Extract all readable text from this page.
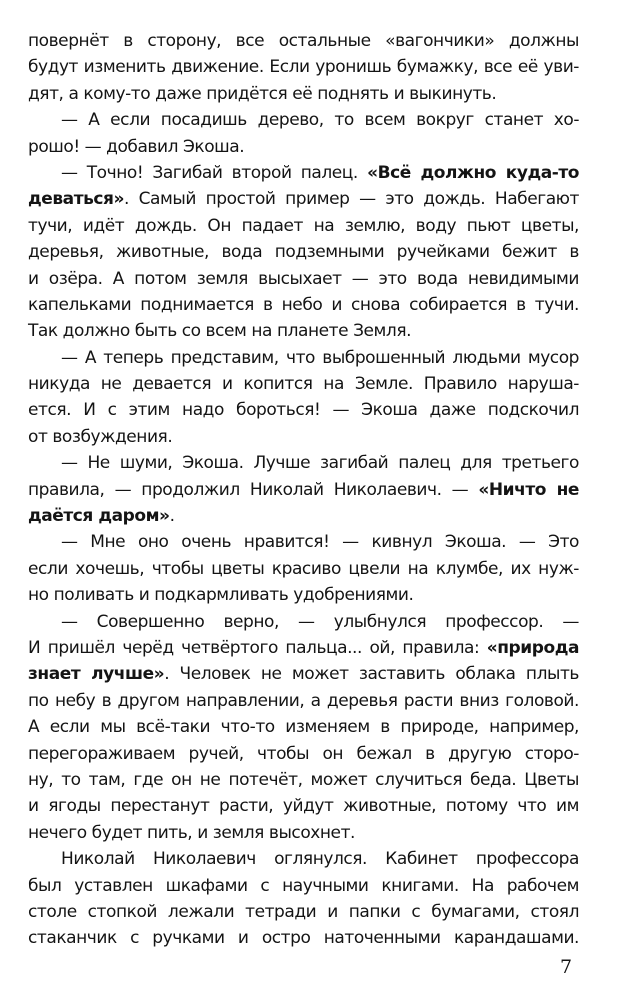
повернёт в сторону, все остальные «вагончики» должны
будут изменить движение. Если уронишь бумажку, все её уви-
дят, а кому-то даже придётся её поднять и выкинуть.
— А если посадишь дерево, то всем вокруг станет хо-
рошо! — добавил Экоша.
— Точно! Загибай второй палец. «Всё должно куда-то
деваться». Самый простой пример — это дождь. Набегают
тучи, идёт дождь. Он падает на землю, воду пьют цветы,
деревья, животные, вода подземными ручейками бежит в
и озёра. А потом земля высыхает — это вода невидимыми
капельками поднимается в небо и снова собирается в тучи.
Так должно быть со всем на планете Земля.
— А теперь представим, что выброшенный людьми мусор
никуда не девается и копится на Земле. Правило наруша-
ется. И с этим надо бороться! — Экоша даже подскочил
от возбуждения.
— Не шуми, Экоша. Лучше загибай палец для третьего
правила, — продолжил Николай Николаевич. — «Ничто не
даётся даром».
— Мне оно очень нравится! — кивнул Экоша. — Это
если хочешь, чтобы цветы красиво цвели на клумбе, их нуж-
но поливать и подкармливать удобрениями.
— Совершенно верно, — улыбнулся профессор. —
И пришёл черёд четвёртого пальца... ой, правила: «природа
знает лучше». Человек не может заставить облака плыть
по небу в другом направлении, а деревья расти вниз головой.
А если мы всё-таки что-то изменяем в природе, например,
перегораживаем ручей, чтобы он бежал в другую сторо-
ну, то там, где он не потечёт, может случиться беда. Цветы
и ягоды перестанут расти, уйдут животные, потому что им
нечего будет пить, и земля высохнет.
Николай Николаевич оглянулся. Кабинет профессора
был уставлен шкафами с научными книгами. На рабочем
столе стопкой лежали тетради и папки с бумагами, стоял
стаканчик с ручками и остро наточенными карандашами.
7
